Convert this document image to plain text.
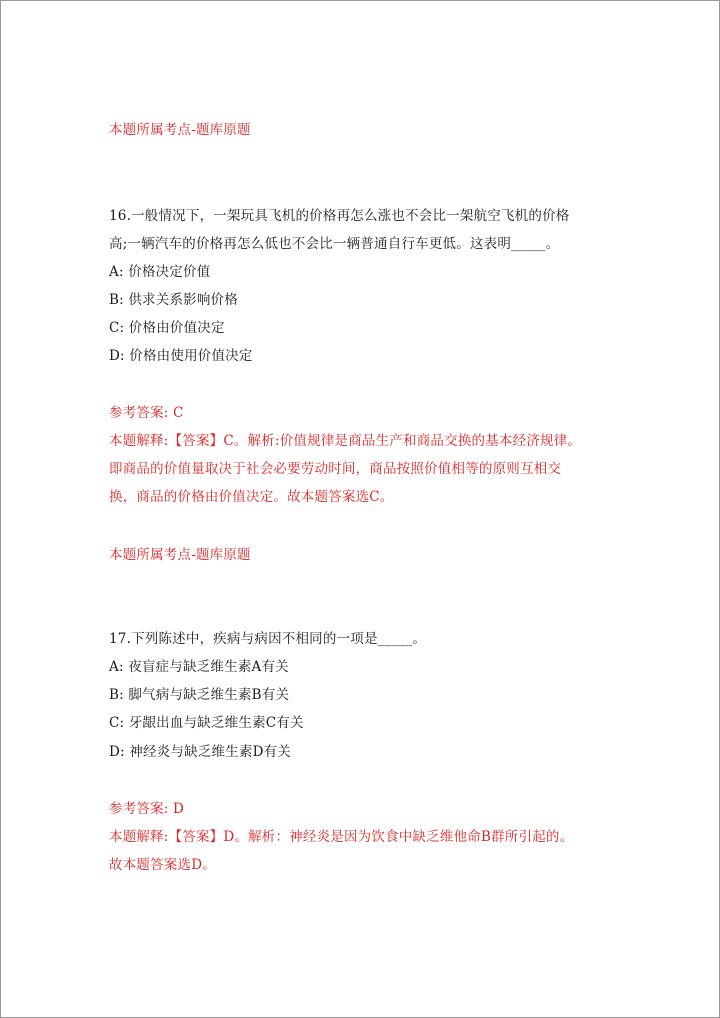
本题所属考点-题库原题
16.一般情况下，一架玩具飞机的价格再怎么涨也不会比一架航空飞机的价格
高;一辆汽车的价格再怎么低也不会比一辆普通自行车更低。这表明_____。
A: 价格决定价值
B: 供求关系影响价格
C: 价格由价值决定
D: 价格由使用价值决定
参考答案: C
本题解释:【答案】C。解析:价值规律是商品生产和商品交换的基本经济规律。
即商品的价值量取决于社会必要劳动时间，商品按照价值相等的原则互相交
换，商品的价格由价值决定。故本题答案选C。
本题所属考点-题库原题
17.下列陈述中，疾病与病因不相同的一项是_____。
A: 夜盲症与缺乏维生素A有关
B: 脚气病与缺乏维生素B有关
C: 牙龈出血与缺乏维生素C有关
D: 神经炎与缺乏维生素D有关
参考答案: D
本题解释:【答案】D。解析：神经炎是因为饮食中缺乏维他命B群所引起的。
故本题答案选D。
